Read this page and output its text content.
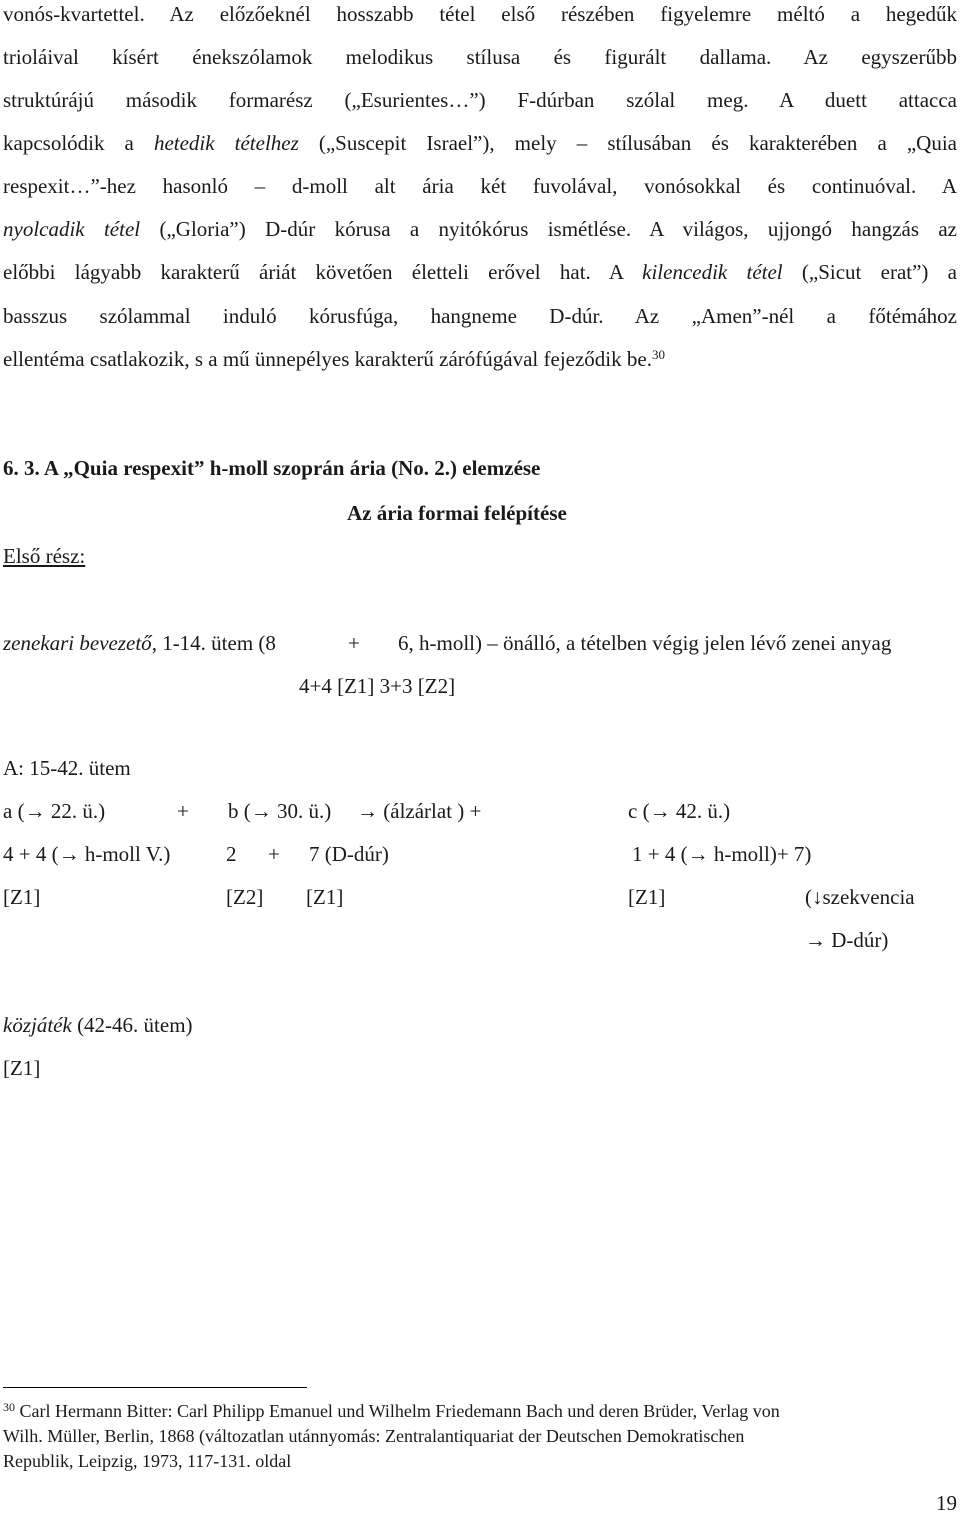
vonós-kvartettel. Az előzőeknél hosszabb tétel első részében figyelemre méltó a hegedűk
trioláival kísért énekszólamok melodikus stílusa és figurált dallama. Az egyszerűbb
struktúrájú második formarész („Esurientes…”) F-dúrban szólal meg. A duett attacca
kapcsolódik a hetedik tételhez („Suscepit Israel”), mely – stílusában és karakterében a „Quia
respexit…”-hez hasonló – d-moll alt ária két fuvolával, vonósokkal és continuóval. A
nyolcadik tétel („Gloria”) D-dúr kórusa a nyitókórus ismétlése. A világos, ujjongó hangzás az
előbbi lágyabb karakterű áriát követően életteli erővel hat. A kilencedik tétel („Sicut erat”) a
basszus szólammal induló kórusfúga, hangneme D-dúr. Az „Amen”-nél a főtémához
ellentéma csatlakozik, s a mű ünnepélyes karakterű zárófúgával fejeződik be.$^{30}$
6. 3. A „Quia respexit” h-moll szoprán ária (No. 2.) elemzése
Az ária formai felépítése
Első rész:
zenekari bevezető, 1-14. ütem (8	+ 6, h-moll) – önálló, a tételben végig jelen lévő zenei anyag
4+4 [Z1] 3+3 [Z2]
A: 15-42. ütem
a (→ 22. ü.)	+ b (→ 30. ü.) → (álzárlat ) +	c (→ 42. ü.)
4 + 4 (→ h-moll V.)	2 + 7 (D-dúr)	1 + 4 (→ h-moll)+ 7)
[Z1]	[Z2] [Z1]	[Z1]	(↓szekvencia
→ D-dúr)
közjáték (42-46. ütem)
[Z1]
$^{30}$ Carl Hermann Bitter: Carl Philipp Emanuel und Wilhelm Friedemann Bach und deren Brüder, Verlag von
Wilh. Müller, Berlin, 1868 (változatlan utánnyomás: Zentralantiquariat der Deutschen Demokratischen
Republik, Leipzig, 1973, 117-131. oldal
19
